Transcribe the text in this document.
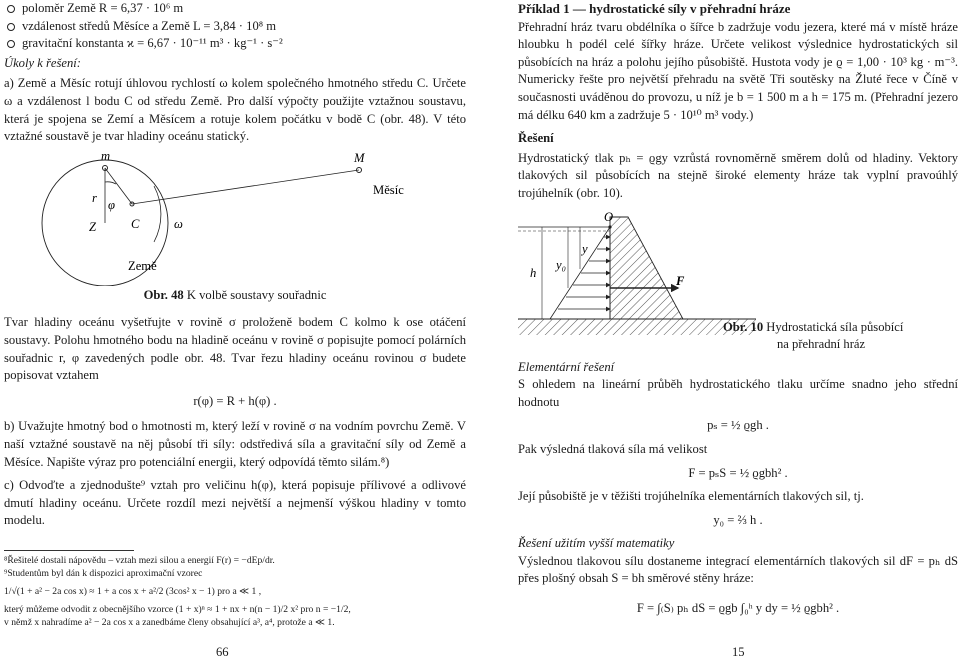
poloměr Země R = 6,37 · 10⁶ m
vzdálenost středů Měsíce a Země L = 3,84 · 10⁸ m
gravitační konstanta ϰ = 6,67 · 10⁻¹¹ m³ · kg⁻¹ · s⁻²

Úkoly k řešení:

a) Země a Měsíc rotují úhlovou rychlostí ω kolem společného hmotného středu C. Určete ω a vzdálenost l bodu C od středu Země. Pro další výpočty použijte vztažnou soustavu, která je spojena se Zemí a Měsícem a rotuje kolem počátku v bodě C (obr. 48). V této vztažné soustavě je tvar hladiny oceánu statický.

m	M
Měsíc
r φ
Z	C	ω
Země

Obr. 48 K volbě soustavy souřadnic

Tvar hladiny oceánu vyšetřujte v rovině σ proloženě bodem C kolmo k ose otáčení soustavy. Polohu hmotného bodu na hladině oceánu v rovině σ popisujte pomocí polárních souřadnic r, φ zavedených podle obr. 48. Tvar řezu hladiny oceánu rovinou σ budete popisovat vztahem

r(φ) = R + h(φ) .

b) Uvažujte hmotný bod o hmotnosti m, který leží v rovině σ na vodním povrchu Země. V naší vztažné soustavě na něj působí tři síly: odstředivá síla a gravitační síly od Země a Měsíce. Napište výraz pro potenciální energii, který odpovídá těmto silám.⁸)

c) Odvoďte a zjednodušte⁹ vztah pro veličinu h(φ), která popisuje přílivové a odlivové dmutí hladiny oceánu. Určete rozdíl mezi největší a nejmenší výškou hladiny v tomto modelu.

⁸Řešitelé dostali nápovědu – vztah mezi silou a energií F(r) = −dEp/dr.

⁹Studentům byl dán k dispozici aproximační vzorec

1/√(1 + a² − 2a cos x) ≈ 1 + a cos x + a²/2 (3cos² x − 1) pro a ≪ 1 ,

který můžeme odvodit z obecnějšího vzorce (1 + x)ⁿ ≈ 1 + nx + n(n − 1)/2 x² pro n = −1/2,

v němž x nahradíme a² − 2a cos x a zanedbáme členy obsahující a³, a⁴, protože a ≪ 1.

66

Příklad 1 — hydrostatické síly v přehradní hráze

Přehradní hráz tvaru obdélníka o šířce b zadržuje vodu jezera, které má v místě hráze hloubku h podél celé šířky hráze. Určete velikost výslednice hydrostatických sil působících na hráz a polohu jejího působiště. Hustota vody je ϱ = 1,00 · 10³ kg · m⁻³. Numericky řešte pro největší přehradu na světě Tři soutěsky na Žluté řece v Číně v současnosti uváděnou do provozu, u níž je b = 1 500 m a h = 175 m. (Přehradní jezero má délku 640 km a zadržuje 5 · 10¹⁰ m³ vody.)

Řešení

Hydrostatický tlak pₕ = ϱgy vzrůstá rovnoměrně směrem dolů od hladiny. Vektory tlakových sil působících na stejně široké elementy hráze tak vyplní pravoúhlý trojúhelník (obr. 10).

O
y
y₀
h
F
Obr. 10 Hydrostatická síla působící
na přehradní hráz

Elementární řešení

S ohledem na lineární průběh hydrostatického tlaku určíme snadno jeho střední hodnotu

pₛ = ½ ϱgh .

Pak výsledná tlaková síla má velikost

F = pₛS = ½ ϱgbh² .

Její působiště je v těžišti trojúhelníka elementárních tlakových sil, tj.

y₀ = ⅔ h .

Řešení užitím vyšší matematiky

Výslednou tlakovou sílu dostaneme integrací elementárních tlakových sil dF = pₕ dS přes plošný obsah S = bh směrové stěny hráze:

F = ∫₍S₎ pₕ dS = ϱgb ∫₀ʰ y dy = ½ ϱgbh² .

15
